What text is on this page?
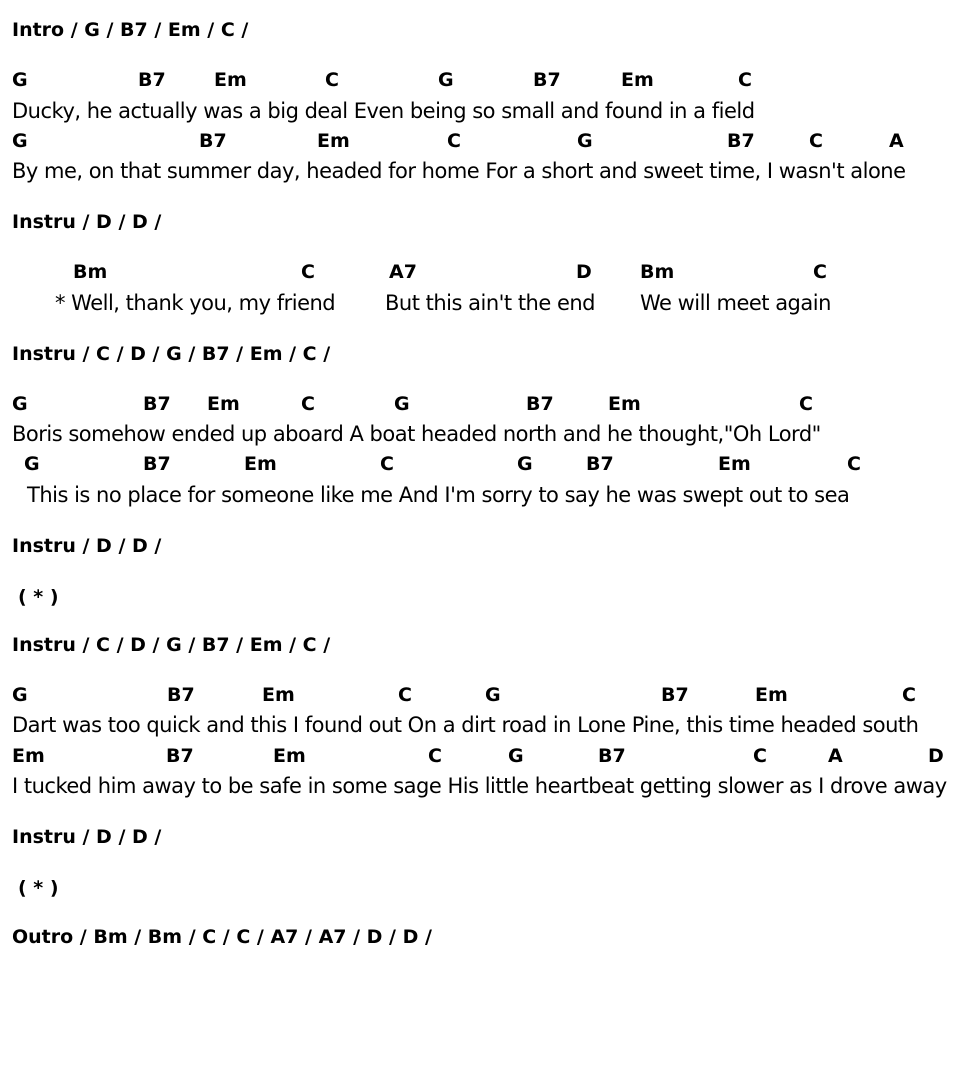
Intro / G / B7 / Em / C /
G	B7	Em	C	G	B7	Em	C
Ducky, he actually was a big deal Even being so small and found in a field
G	B7	Em	C	G	B7	C	A
By me, on that summer day, headed for home For a short and sweet time, I wasn't alone
Instru / D / D /
Bm	C	A7	D	Bm	C
* Well, thank you, my friend But this ain't the end We will meet again
Instru / C / D / G / B7 / Em / C /
G	B7 Em	C	G	B7	Em	C
Boris somehow ended up aboard A boat headed north and he thought,"Oh Lord"
G	B7	Em	C	G	B7	Em	C
This is no place for someone like me And I'm sorry to say he was swept out to sea
Instru / D / D /
( * )
Instru / C / D / G / B7 / Em / C /
G	B7	Em	C	G	B7	Em	C
Dart was too quick and this I found out On a dirt road in Lone Pine, this time headed south
Em	B7	Em	C	G	B7	C	A	D
I tucked him away to be safe in some sage His little heartbeat getting slower as I drove away
Instru / D / D /
( * )
Outro / Bm / Bm / C / C / A7 / A7 / D / D /
